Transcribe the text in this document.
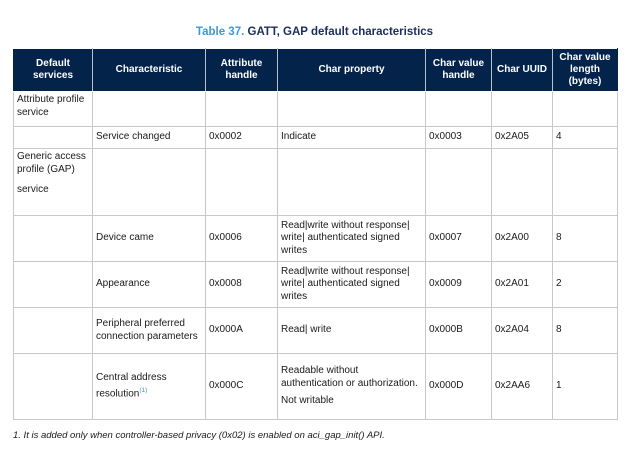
Table 37. GATT, GAP default characteristics
Default services	Characteristic	Attribute handle	Char property	Char value handle	Char UUID	Char value length (bytes)
Attribute profile service						
	Service changed	0x0002	Indicate	0x0003	0x2A05	4

Generic access profile (GAP)
service						

	Device came	0x0006	Read|write without response| write| authenticated signed writes	0x0007	0x2A00	8
	Appearance	0x0008	Read|write without response| write| authenticated signed writes	0x0009	0x2A01	2
	Peripheral preferred connection parameters	0x000A	Read| write	0x000B	0x2A04	8
	Central address resolution$^{(1)}$	0x000C	Readable without authentication or authorization.
Not writable	0x000D	0x2AA6	1
1. It is added only when controller-based privacy (0x02) is enabled on aci_gap_init() API.
